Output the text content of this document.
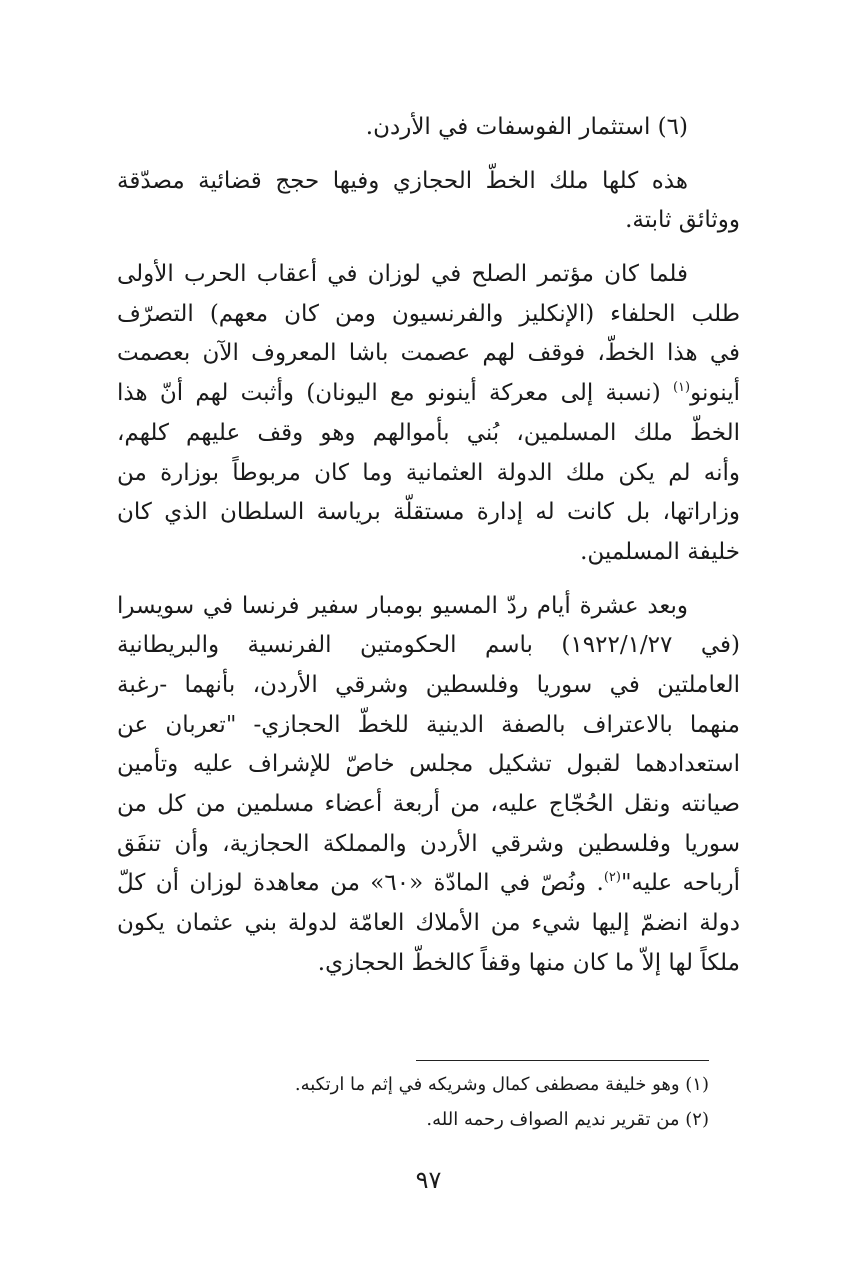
(٦) استثمار الفوسفات في الأردن.

هذه كلها ملك الخطّ الحجازي وفيها حجج قضائية مصدّقة

ووثائق ثابتة.

فلما كان مؤتمر الصلح في لوزان في أعقاب الحرب الأولى

طلب الحلفاء (الإنكليز والفرنسيون ومن كان معهم) التصرّف

في هذا الخطّ، فوقف لهم عصمت باشا المعروف الآن بعصمت

أينونو$^{(١)}$ (نسبة إلى معركة أينونو مع اليونان) وأثبت لهم أنّ هذا

الخطّ ملك المسلمين، بُني بأموالهم وهو وقف عليهم كلهم،

وأنه لم يكن ملك الدولة العثمانية وما كان مربوطاً بوزارة من

وزاراتها، بل كانت له إدارة مستقلّة برياسة السلطان الذي كان

خليفة المسلمين.

وبعد عشرة أيام ردّ المسيو بومبار سفير فرنسا في سويسرا

(في ١٩٢٢/١/٢٧) باسم الحكومتين الفرنسية والبريطانية

العاملتين في سوريا وفلسطين وشرقي الأردن، بأنهما -رغبة

منهما بالاعتراف بالصفة الدينية للخطّ الحجازي- "تعربان عن

استعدادهما لقبول تشكيل مجلس خاصّ للإشراف عليه وتأمين

صيانته ونقل الحُجّاج عليه، من أربعة أعضاء مسلمين من كل من

سوريا وفلسطين وشرقي الأردن والمملكة الحجازية، وأن تنفَق

أرباحه عليه"$^{(٢)}$. ونُصّ في المادّة «٦٠» من معاهدة لوزان أن كلّ

دولة انضمّ إليها شيء من الأملاك العامّة لدولة بني عثمان يكون

ملكاً لها إلاّ ما كان منها وقفاً كالخطّ الحجازي.

(١) وهو خليفة مصطفى كمال وشريكه في إثم ما ارتكبه.

(٢) من تقرير نديم الصواف رحمه الله.

٩٧
